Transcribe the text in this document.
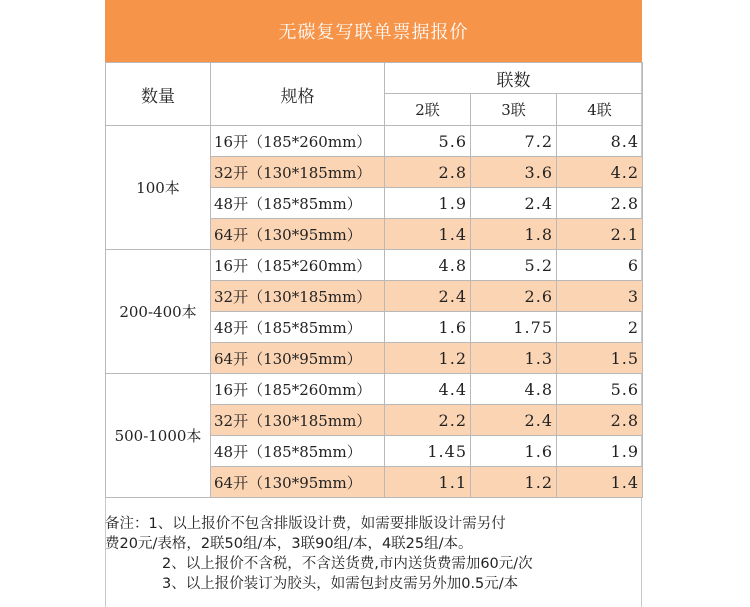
无碳复写联单票据报价
数量	规格	联数		
		2联	3联	4联
100本	16开（185*260mm）	5.6	7.2	8.4
	32开（130*185mm）	2.8	3.6	4.2
	48开（185*85mm）	1.9	2.4	2.8
	64开（130*95mm）	1.4	1.8	2.1
200-400本	16开（185*260mm）	4.8	5.2	6
	32开（130*185mm）	2.4	2.6	3
	48开（185*85mm）	1.6	1.75	2
	64开（130*95mm）	1.2	1.3	1.5
500-1000本	16开（185*260mm）	4.4	4.8	5.6
	32开（130*185mm）	2.2	2.4	2.8
	48开（185*85mm）	1.45	1.6	1.9
	64开（130*95mm）	1.1	1.2	1.4
备注：1、以上报价不包含排版设计费，如需要排版设计需另付
费20元/表格，2联50组/本，3联90组/本，4联25组/本。
2、以上报价不含税，不含送货费,市内送货费需加60元/次
3、以上报价装订为胶头，如需包封皮需另外加0.5元/本
